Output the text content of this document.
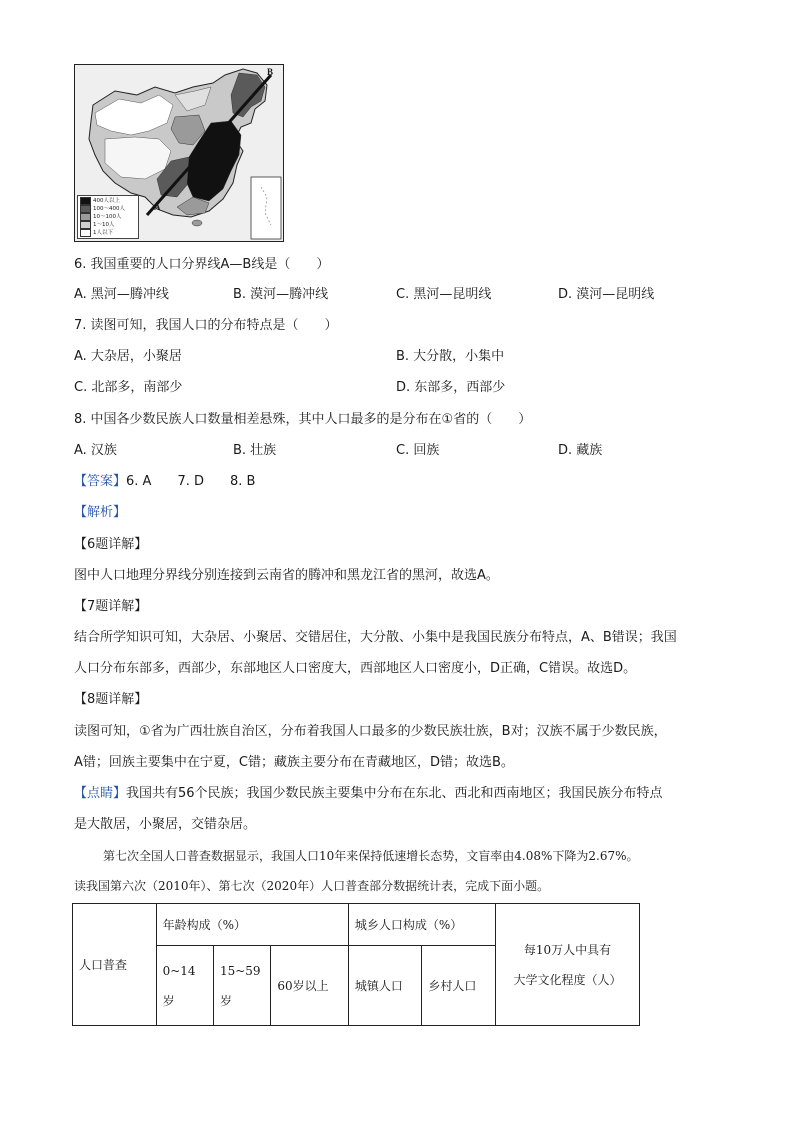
B
A
400人以上
100～400人
10～100人
1～10人
1人以下
6. 我国重要的人口分界线A—B线是（　　）
A. 黑河—腾冲线	B. 漠河—腾冲线	C. 黑河—昆明线	D. 漠河—昆明线
7. 读图可知，我国人口的分布特点是（　　）
A. 大杂居，小聚居	B. 大分散，小集中
C. 北部多，南部少	D. 东部多，西部少
8. 中国各少数民族人口数量相差悬殊，其中人口最多的是分布在①省的（　　）
A. 汉族	B. 壮族	C. 回族	D. 藏族
【答案】6. A　　7. D　　8. B
【解析】
【6题详解】
图中人口地理分界线分别连接到云南省的腾冲和黑龙江省的黑河，故选A。
【7题详解】
结合所学知识可知，大杂居、小聚居、交错居住，大分散、小集中是我国民族分布特点，A、B错误；我国
人口分布东部多，西部少，东部地区人口密度大，西部地区人口密度小，D正确，C错误。故选D。
【8题详解】
读图可知，①省为广西壮族自治区，分布着我国人口最多的少数民族壮族，B对；汉族不属于少数民族，
A错；回族主要集中在宁夏，C错；藏族主要分布在青藏地区，D错；故选B。
【点睛】我国共有56个民族；我国少数民族主要集中分布在东北、西北和西南地区；我国民族分布特点
是大散居，小聚居，交错杂居。
第七次全国人口普查数据显示，我国人口10年来保持低速增长态势，文盲率由4.08%下降为2.67%。
读我国第六次（2010年）、第七次（2020年）人口普查部分数据统计表，完成下面小题。
人口普查	年龄构成（%）			城乡人口构成（%）		每10万人中具有
大学文化程度（人）

	0~14岁	15~59岁	60岁以上	城镇人口	乡村人口	
